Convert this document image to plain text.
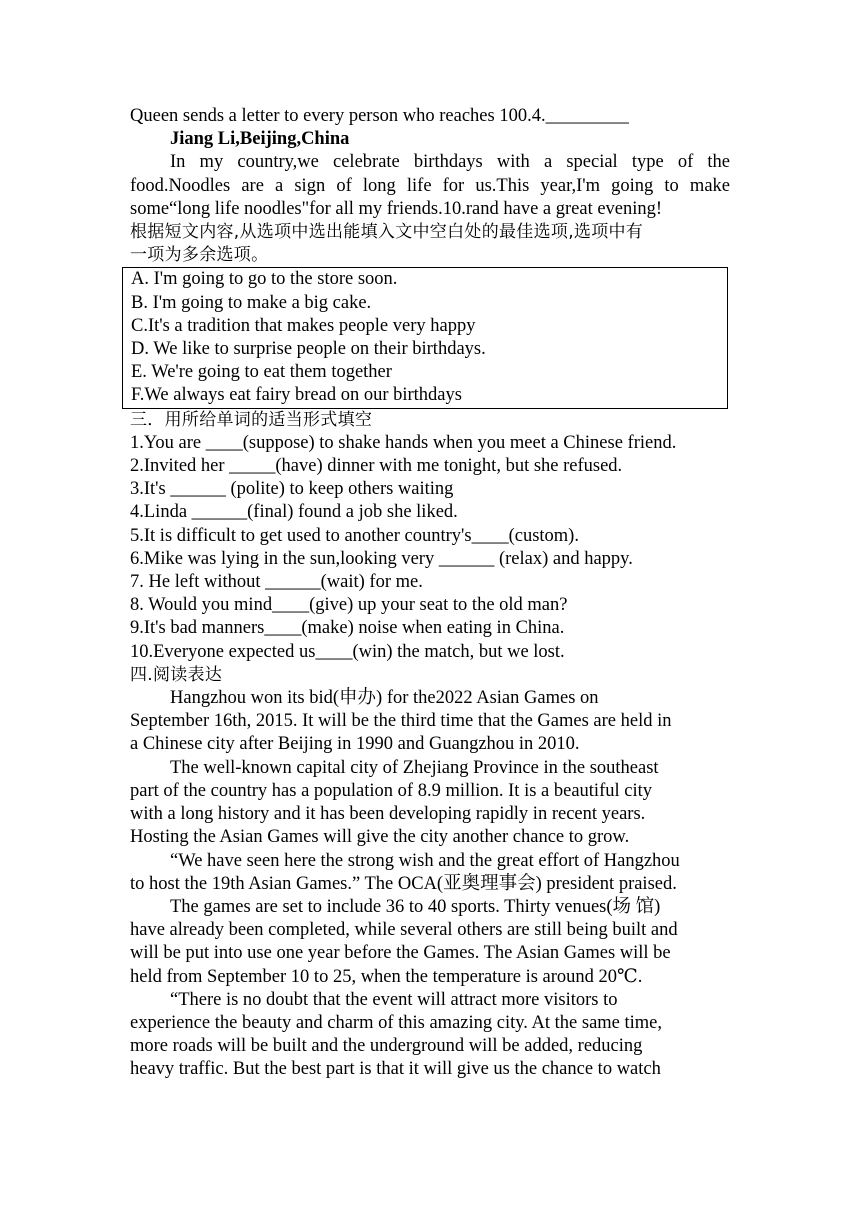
Queen sends a letter to every person who reaches 100.4._________
Jiang Li,Beijing,China
In my country,we celebrate birthdays with a special type of the
food.Noodles are a sign of long life for us.This year,I'm going to make
some“long life noodles"for all my friends.10.rand have a great evening!
根据短文内容,从选项中选出能填入文中空白处的最佳选项,选项中有
一项为多余选项。
A. I'm going to go to the store soon.
B. I'm going to make a big cake.
C.It's a tradition that makes people very happy
D. We like to surprise people on their birthdays.
E. We're going to eat them together
F.We always eat fairy bread on our birthdays
三．用所给单词的适当形式填空
1.You are ____(suppose) to shake hands when you meet a Chinese friend.
2.Invited her _____(have) dinner with me tonight, but she refused.
3.It's ______ (polite) to keep others waiting
4.Linda ______(final) found a job she liked.
5.It is difficult to get used to another country's____(custom).
6.Mike was lying in the sun,looking very ______ (relax) and happy.
7. He left without ______(wait) for me.
8. Would you mind____(give) up your seat to the old man?
9.It's bad manners____(make) noise when eating in China.
10.Everyone expected us____(win) the match, but we lost.
四.阅读表达
Hangzhou won its bid(申办) for the2022 Asian Games on
September 16th, 2015. It will be the third time that the Games are held in
a Chinese city after Beijing in 1990 and Guangzhou in 2010.
The well-known capital city of Zhejiang Province in the southeast
part of the country has a population of 8.9 million. It is a beautiful city
with a long history and it has been developing rapidly in recent years.
Hosting the Asian Games will give the city another chance to grow.
“We have seen here the strong wish and the great effort of Hangzhou
to host the 19th Asian Games.” The OCA(亚奥理事会) president praised.
The games are set to include 36 to 40 sports. Thirty venues(场 馆)
have already been completed, while several others are still being built and
will be put into use one year before the Games. The Asian Games will be
held from September 10 to 25, when the temperature is around 20℃.
“There is no doubt that the event will attract more visitors to
experience the beauty and charm of this amazing city. At the same time,
more roads will be built and the underground will be added, reducing
heavy traffic. But the best part is that it will give us the chance to watch
